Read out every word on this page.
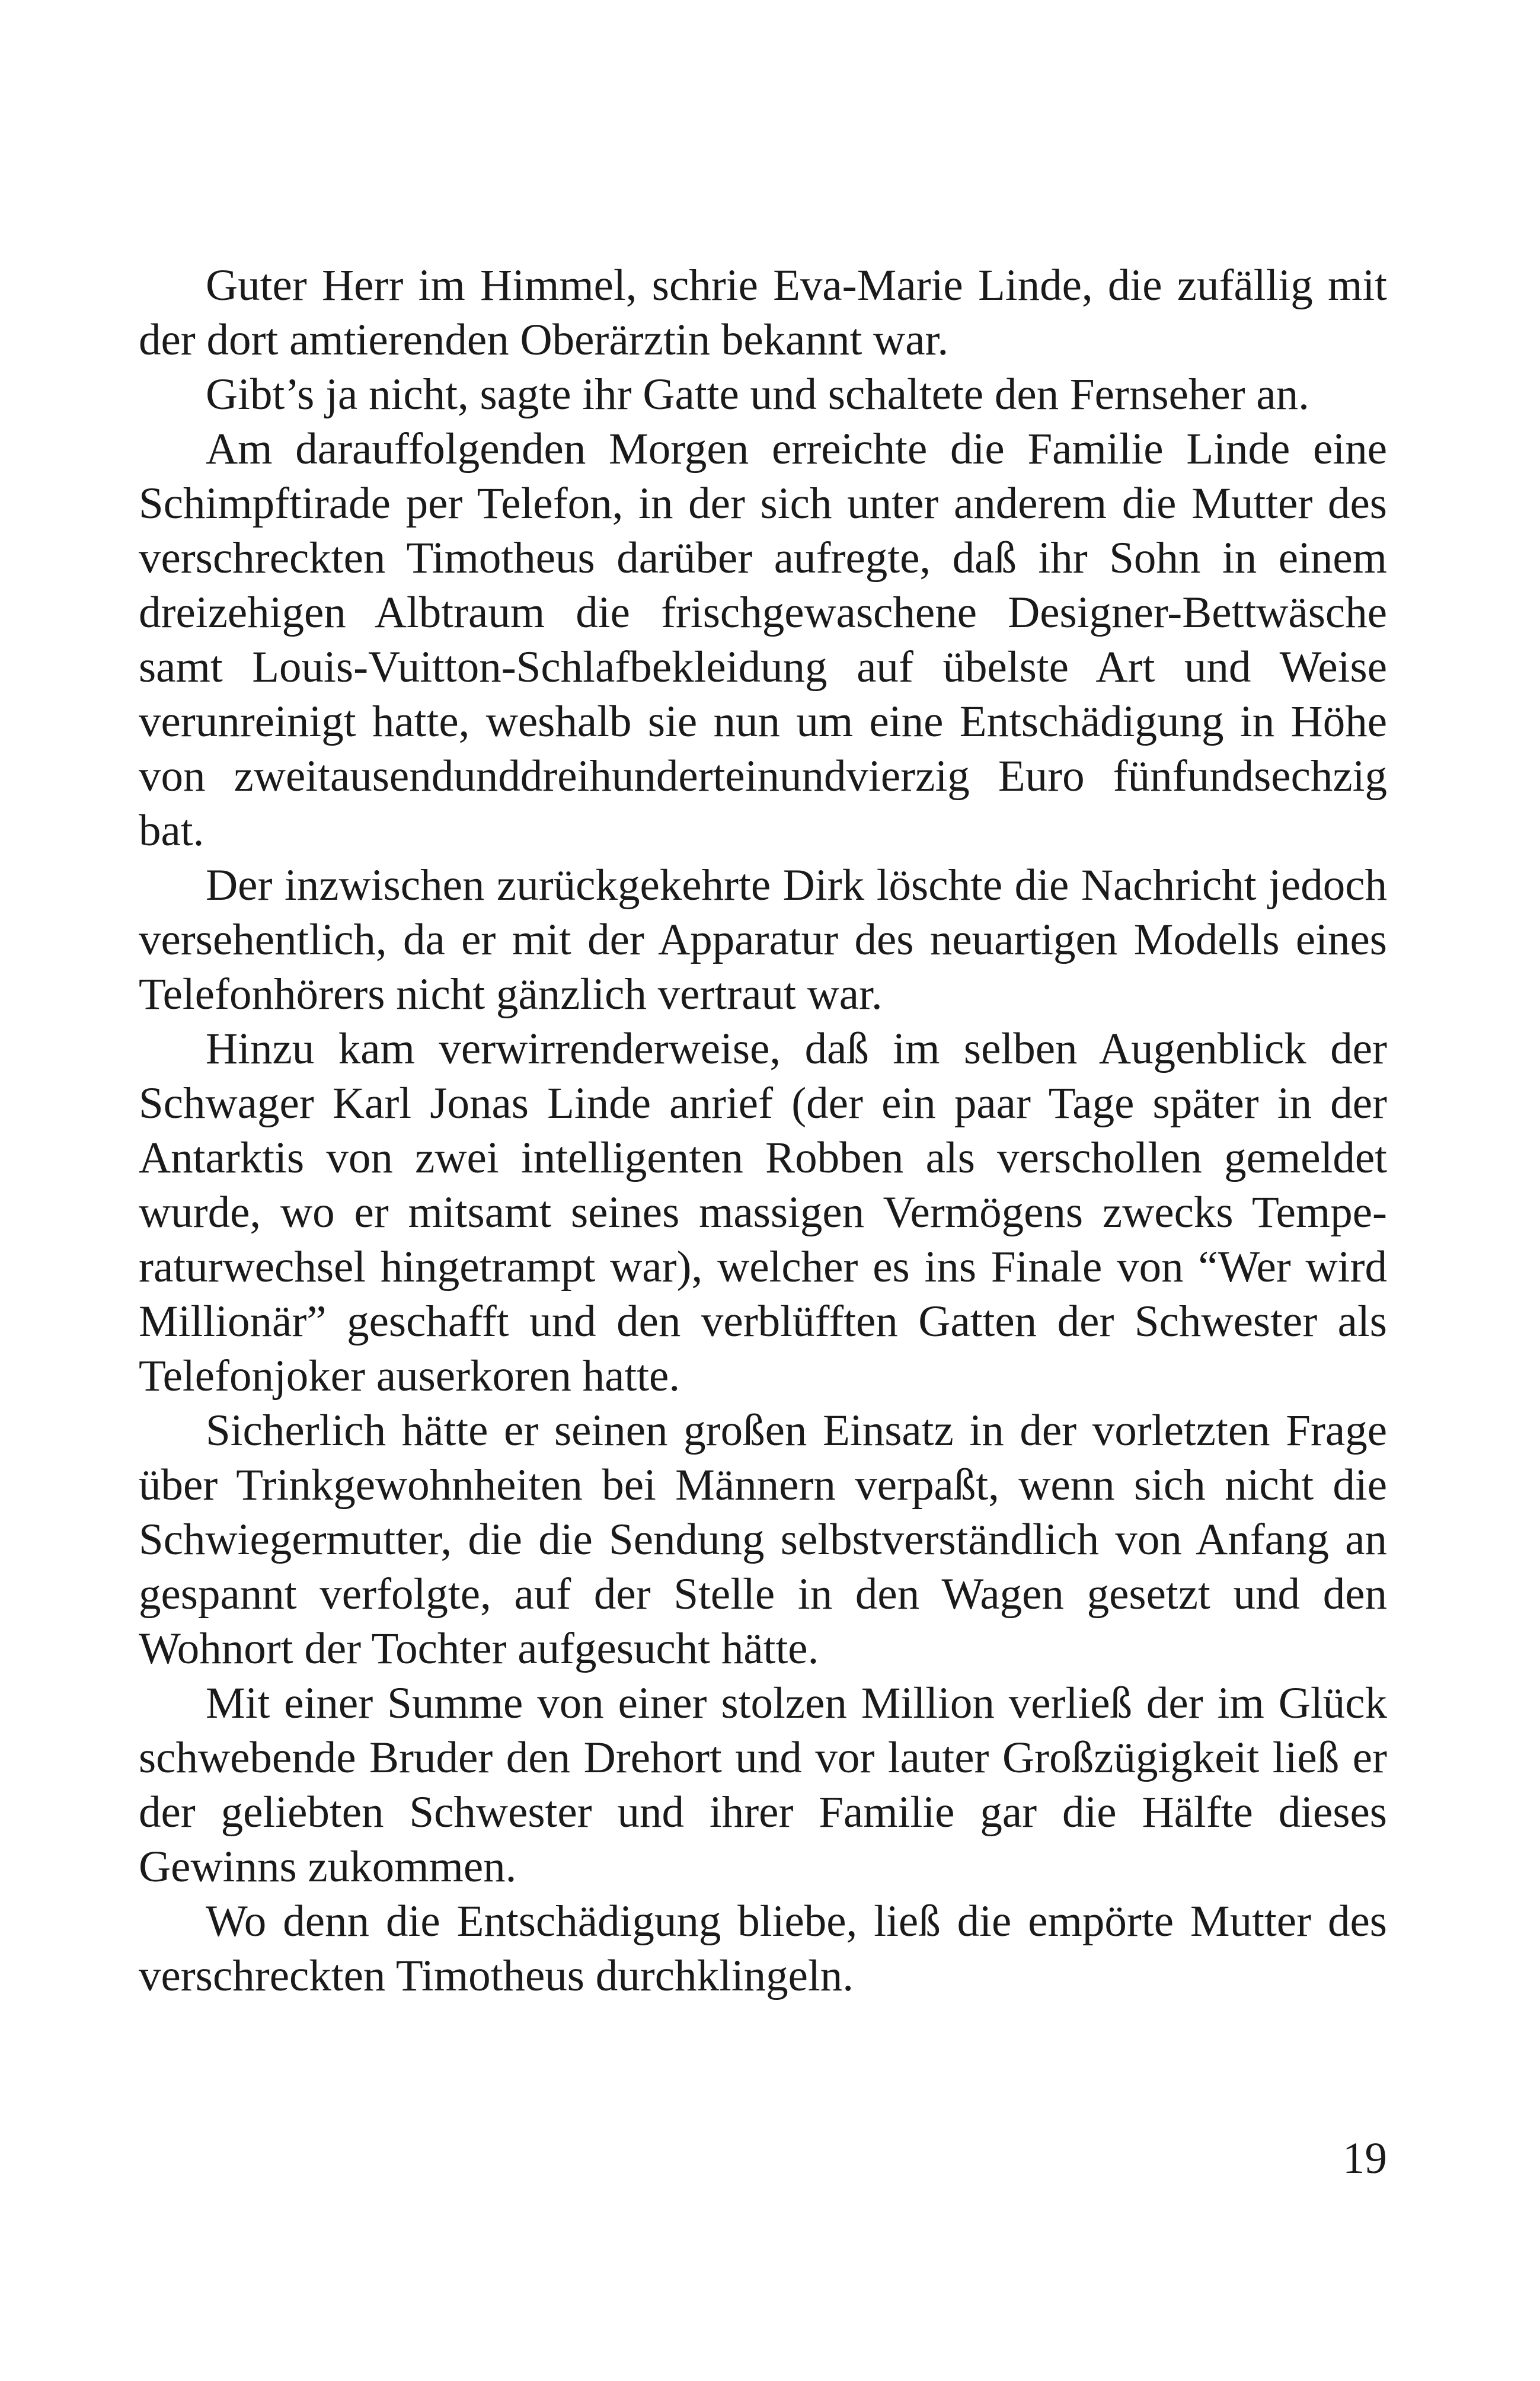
Guter Herr im Himmel, schrie Eva-Marie Linde, die zufällig mit der dort amtierenden Oberärztin bekannt war.

Gibt’s ja nicht, sagte ihr Gatte und schaltete den Fernseher an.

Am darauffolgenden Morgen erreichte die Familie Linde eine Schimpftirade per Telefon, in der sich unter anderem die Mutter des verschreckten Timotheus darüber aufregte, daß ihr Sohn in einem dreizehigen Albtraum die frischgewaschene Designer-Bettwäsche samt Louis-Vuitton-Schlafbekleidung auf übelste Art und Weise verunreinigt hatte, weshalb sie nun um eine Entschädigung in Höhe von zweitausendunddreihunderteinundvierzig Euro fünfundsechzig bat.

Der inzwischen zurückgekehrte Dirk löschte die Nachricht jedoch versehentlich, da er mit der Apparatur des neuartigen Modells eines Telefonhörers nicht gänzlich vertraut war.

Hinzu kam verwirrenderweise, daß im selben Augenblick der Schwager Karl Jonas Linde anrief (der ein paar Tage später in der Antarktis von zwei intelligenten Robben als verschollen gemeldet wurde, wo er mitsamt seines massigen Vermögens zwecks Temperaturwechsel hingetrampt war), welcher es ins Finale von “Wer wird Millionär” geschafft und den verblüfften Gatten der Schwester als Telefonjoker auserkoren hatte.

Sicherlich hätte er seinen großen Einsatz in der vorletzten Frage über Trinkgewohnheiten bei Männern verpaßt, wenn sich nicht die Schwiegermutter, die die Sendung selbstverständlich von Anfang an gespannt verfolgte, auf der Stelle in den Wagen gesetzt und den Wohnort der Tochter aufgesucht hätte.

Mit einer Summe von einer stolzen Million verließ der im Glück schwebende Bruder den Drehort und vor lauter Großzügigkeit ließ er der geliebten Schwester und ihrer Familie gar die Hälfte dieses Gewinns zukommen.

Wo denn die Entschädigung bliebe, ließ die empörte Mutter des verschreckten Timotheus durchklingeln.

19
